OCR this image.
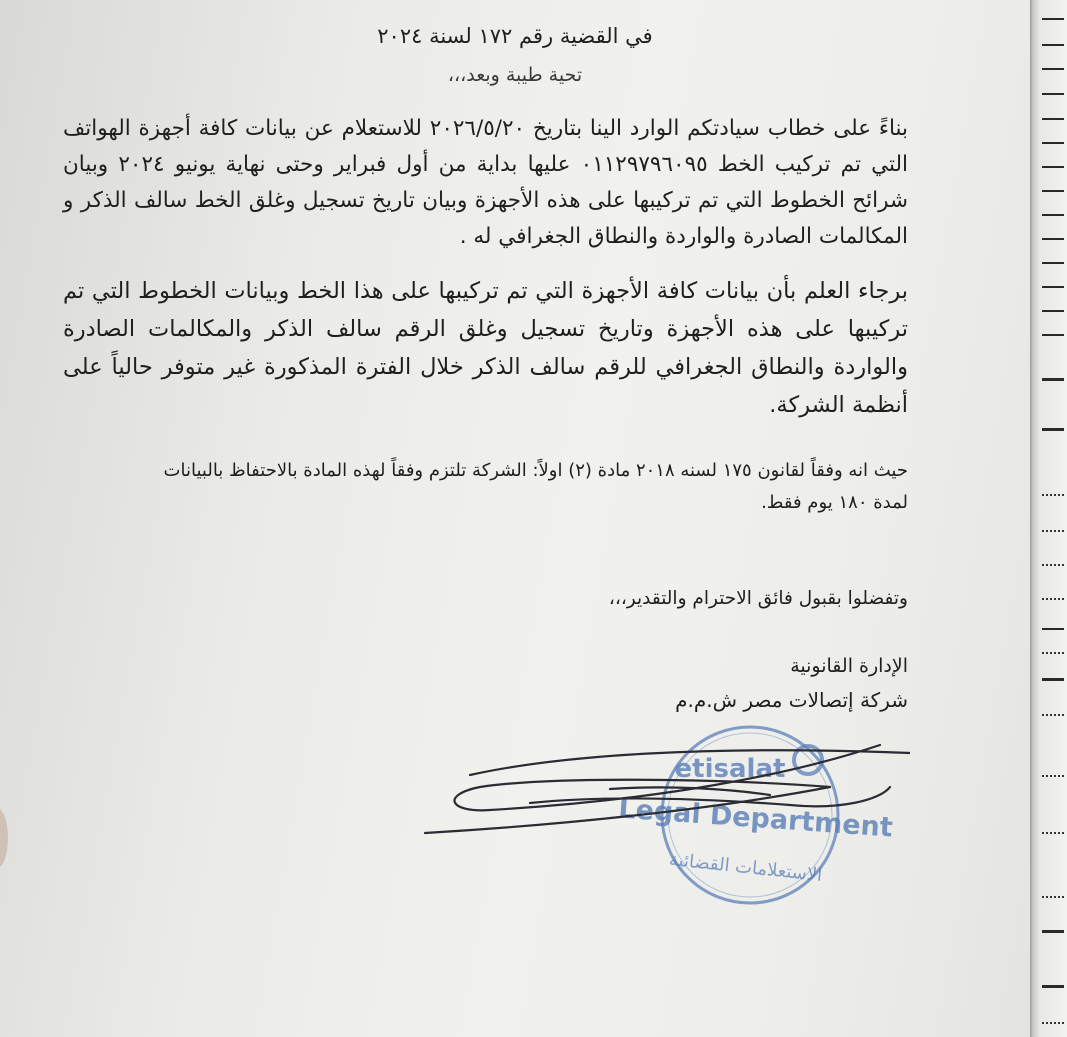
في القضية رقم ١٧٢ لسنة ٢٠٢٤

تحية طيبة وبعد،،،

بناءً على خطاب سيادتكم الوارد الينا بتاريخ ٢٠٢٦/٥/٢٠ للاستعلام عن بيانات كافة أجهزة الهواتف التي تم تركيب الخط ٠١١٢٩٧٩٦٠٩٥ عليها بداية من أول فبراير وحتى نهاية يونيو ٢٠٢٤ وبيان شرائح الخطوط التي تم تركيبها على هذه الأجهزة وبيان تاريخ تسجيل وغلق الخط سالف الذكر و المكالمات الصادرة والواردة والنطاق الجغرافي له .

برجاء العلم بأن بيانات كافة الأجهزة التي تم تركيبها على هذا الخط وبيانات الخطوط التي تم تركيبها على هذه الأجهزة وتاريخ تسجيل وغلق الرقم سالف الذكر والمكالمات الصادرة والواردة والنطاق الجغرافي للرقم سالف الذكر خلال الفترة المذكورة غير متوفر حالياً على أنظمة الشركة.

حيث انه وفقاً لقانون ١٧٥ لسنه ٢٠١٨ مادة (٢) اولاً: الشركة تلتزم وفقاً لهذه المادة بالاحتفاظ بالبيانات لمدة ١٨٠ يوم فقط.

وتفضلوا بقبول فائق الاحترام والتقدير،،،

الإدارة القانونية

شركة إتصالات مصر ش.م.م

etisalat
Legal Department
الاستعلامات القضائية
